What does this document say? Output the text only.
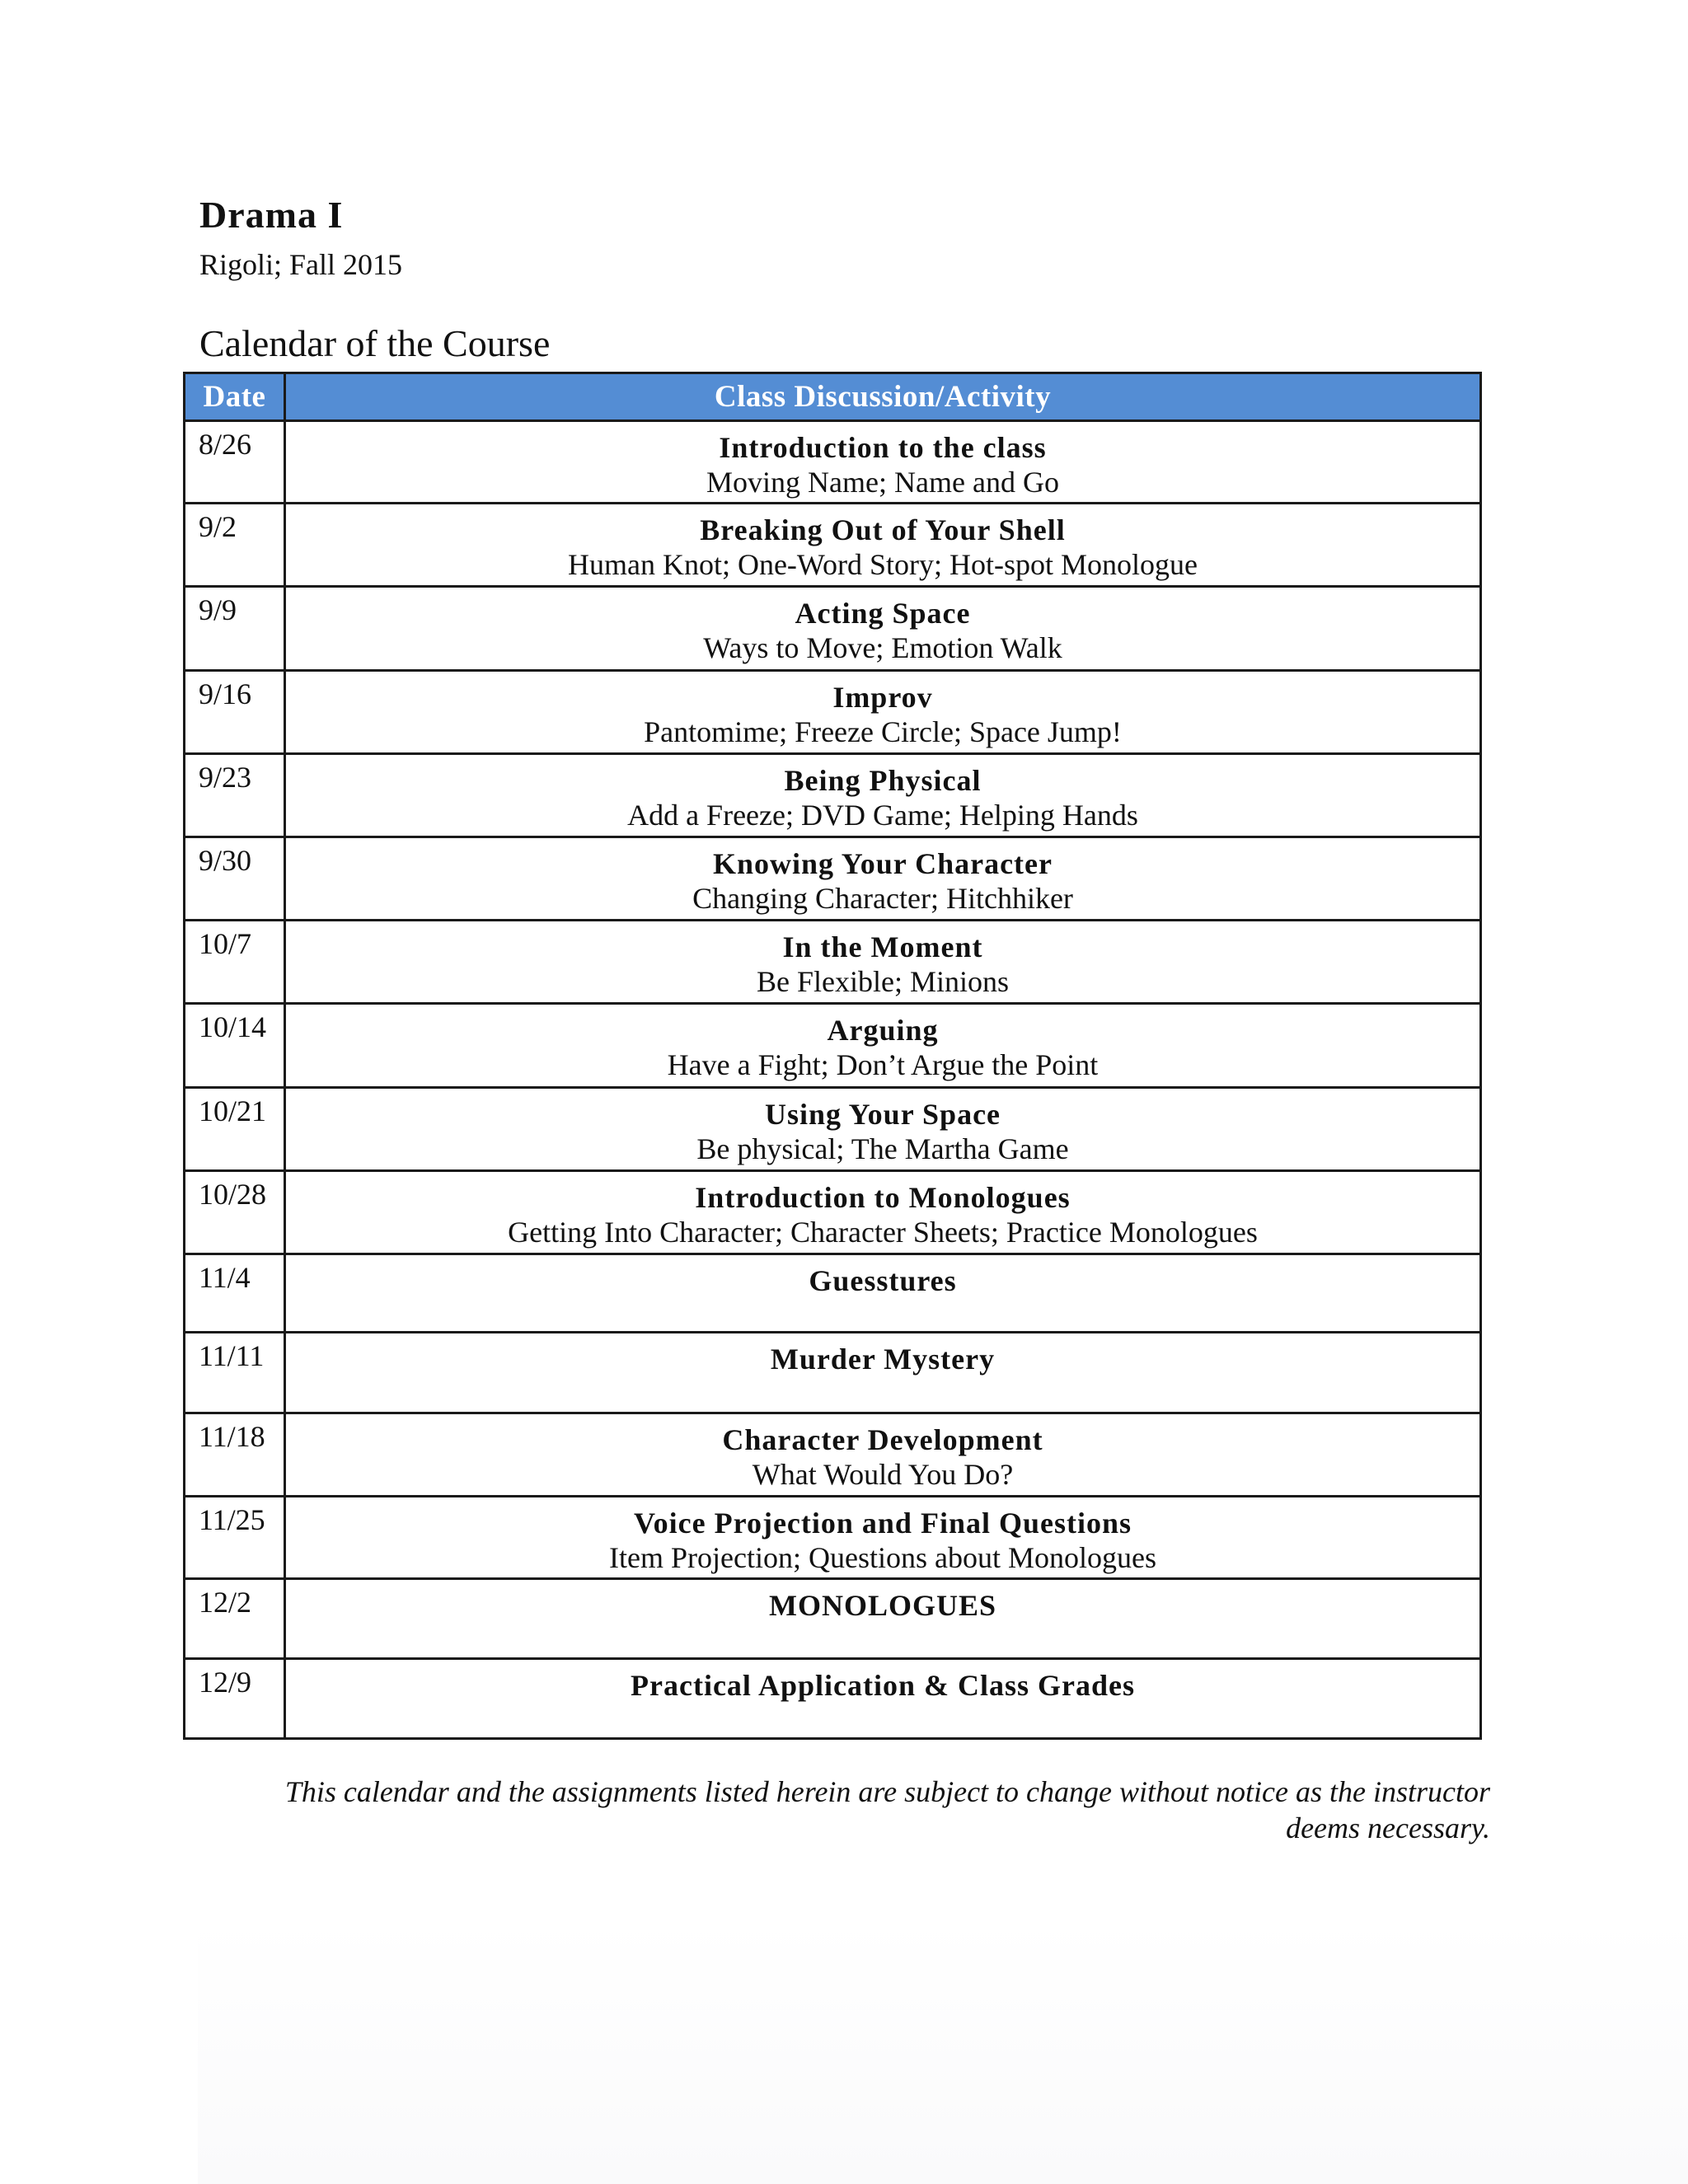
Drama I

Rigoli; Fall 2015

Calendar of the Course
Date	Class Discussion/Activity
8/26	Introduction to the class
Moving Name; Name and Go

9/2	Breaking Out of Your Shell
Human Knot; One-Word Story; Hot-spot Monologue

9/9	Acting Space
Ways to Move; Emotion Walk

9/16	Improv
Pantomime; Freeze Circle; Space Jump!

9/23	Being Physical
Add a Freeze; DVD Game; Helping Hands

9/30	Knowing Your Character
Changing Character; Hitchhiker

10/7	In the Moment
Be Flexible; Minions

10/14	Arguing
Have a Fight; Don’t Argue the Point

10/21	Using Your Space
Be physical; The Martha Game

10/28	Introduction to Monologues
Getting Into Character; Character Sheets; Practice Monologues

11/4	Guesstures

11/11	Murder Mystery

11/18	Character Development
What Would You Do?

11/25	Voice Projection and Final Questions
Item Projection; Questions about Monologues

12/2	MONOLOGUES

12/9	Practical Application & Class Grades

This calendar and the assignments listed herein are subject to change without notice as the instructor
deems necessary.
